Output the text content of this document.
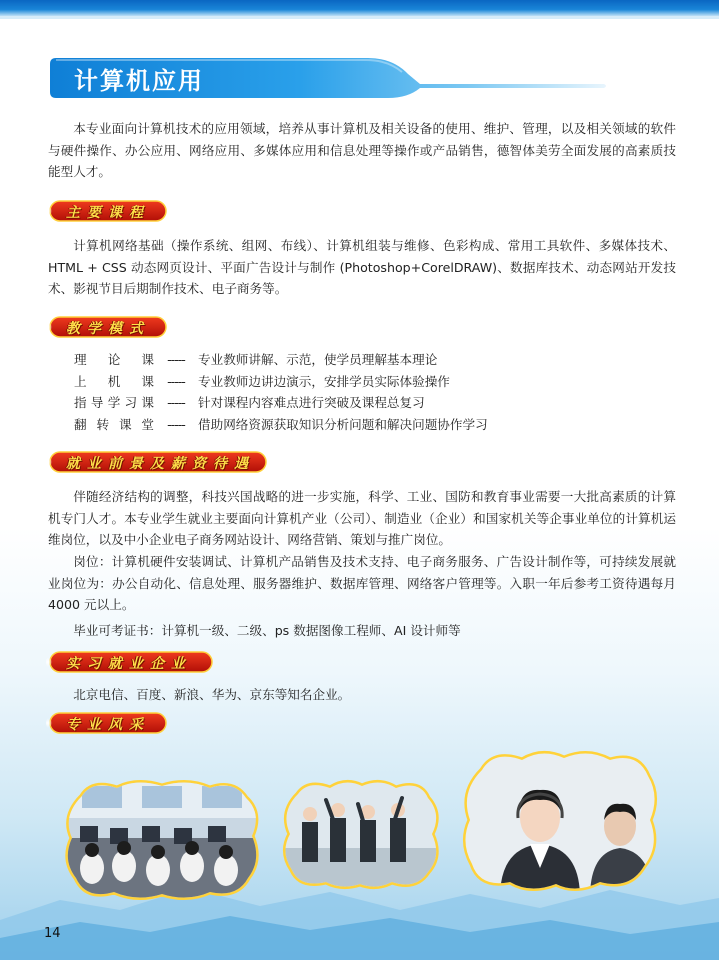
计算机应用
本专业面向计算机技术的应用领域，培养从事计算机及相关设备的使用、维护、管理，以及相关领域的软件与硬件操作、办公应用、网络应用、多媒体应用和信息处理等操作或产品销售，德智体美劳全面发展的高素质技能型人才。
主要课程
计算机网络基础（操作系统、组网、布线）、计算机组装与维修、色彩构成、常用工具软件、多媒体技术、HTML + CSS 动态网页设计、平面广告设计与制作 (Photoshop+CorelDRAW)、数据库技术、动态网站开发技术、影视节目后期制作技术、电子商务等。
教学模式
理论课	-----	专业教师讲解、示范，使学员理解基本理论
上机课	-----	专业教师边讲边演示，安排学员实际体验操作
指导学习课	-----	针对课程内容难点进行突破及课程总复习
翻转课堂	-----	借助网络资源获取知识分析问题和解决问题协作学习
就业前景及薪资待遇
伴随经济结构的调整，科技兴国战略的进一步实施，科学、工业、国防和教育事业需要一大批高素质的计算机专门人才。本专业学生就业主要面向计算机产业（公司）、制造业（企业）和国家机关等企事业单位的计算机运维岗位，以及中小企业电子商务网站设计、网络营销、策划与推广岗位。
岗位：计算机硬件安装调试、计算机产品销售及技术支持、电子商务服务、广告设计制作等，可持续发展就业岗位为：办公自动化、信息处理、服务器维护、数据库管理、网络客户管理等。入职一年后参考工资待遇每月 4000 元以上。
毕业可考证书：计算机一级、二级、ps 数据图像工程师、AI 设计师等
实习就业企业
北京电信、百度、新浪、华为、京东等知名企业。
专业风采
14
